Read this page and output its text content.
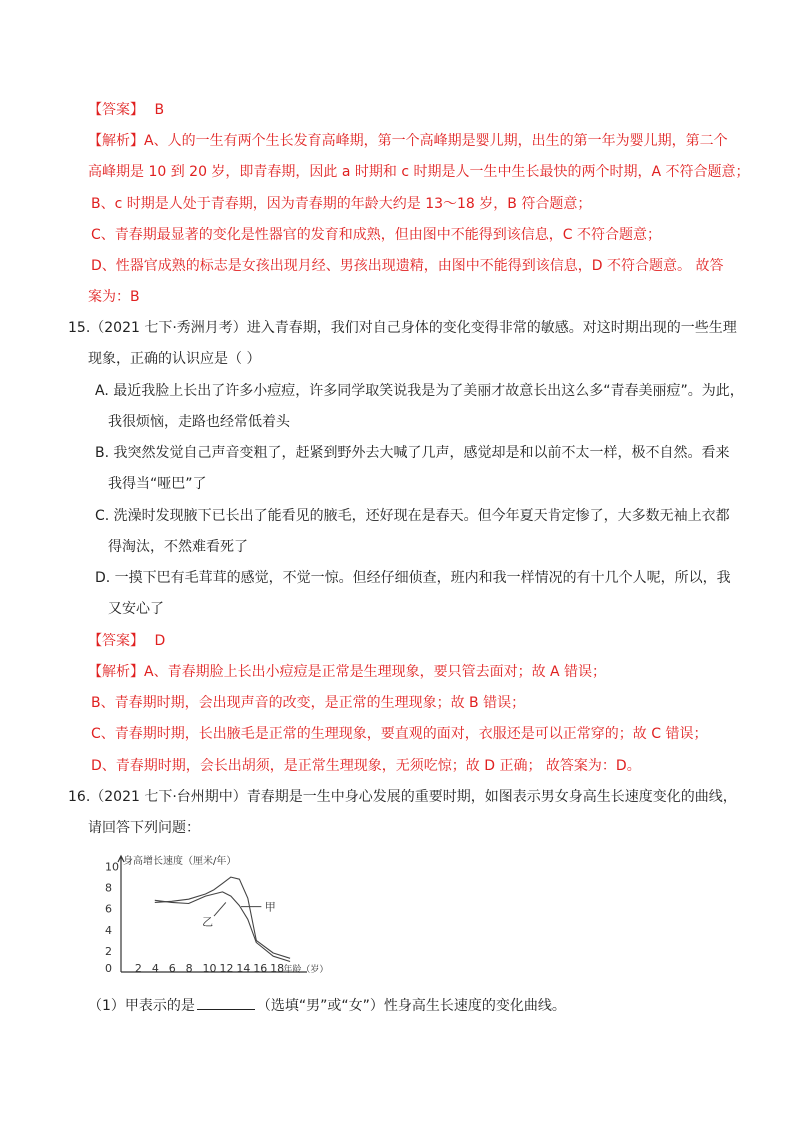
【答案】 B
【解析】A、人的一生有两个生长发育高峰期，第一个高峰期是婴儿期，出生的第一年为婴儿期，第二个
高峰期是 10 到 20 岁，即青春期，因此 a 时期和 c 时期是人一生中生长最快的两个时期，A 不符合题意；
B、c 时期是人处于青春期，因为青春期的年龄大约是 13～18 岁，B 符合题意；
C、青春期最显著的变化是性器官的发育和成熟，但由图中不能得到该信息，C 不符合题意；
D、性器官成熟的标志是女孩出现月经、男孩出现遗精，由图中不能得到该信息，D 不符合题意。 故答
案为：B
15.（2021 七下·秀洲月考）进入青春期，我们对自己身体的变化变得非常的敏感。对这时期出现的一些生理
现象，正确的认识应是（ ）
A. 最近我脸上长出了许多小痘痘，许多同学取笑说我是为了美丽才故意长出这么多“青春美丽痘”。为此，
我很烦恼，走路也经常低着头
B. 我突然发觉自己声音变粗了，赶紧到野外去大喊了几声，感觉却是和以前不太一样，极不自然。看来
我得当“哑巴”了
C. 洗澡时发现腋下已长出了能看见的腋毛，还好现在是春天。但今年夏天肯定惨了，大多数无袖上衣都
得淘汰，不然难看死了
D. 一摸下巴有毛茸茸的感觉，不觉一惊。但经仔细侦查，班内和我一样情况的有十几个人呢，所以，我
又安心了
【答案】 D
【解析】A、青春期脸上长出小痘痘是正常是生理现象，要只管去面对；故 A 错误；
B、青春期时期，会出现声音的改变，是正常的生理现象；故 B 错误；
C、青春期时期，长出腋毛是正常的生理现象，要直观的面对，衣服还是可以正常穿的；故 C 错误；
D、青春期时期，会长出胡须，是正常生理现象，无须吃惊；故 D 正确； 故答案为：D。
16.（2021 七下·台州期中）青春期是一生中身心发展的重要时期，如图表示男女身高生长速度变化的曲线，
请回答下列问题：
身高增长速度（厘米/年）
0 2 4 6 8 10 12 14 16 18 年龄（岁）
2
4
6
8
10
甲
乙
（1）甲表示的是	（选填“男”或“女”）性身高生长速度的变化曲线。
